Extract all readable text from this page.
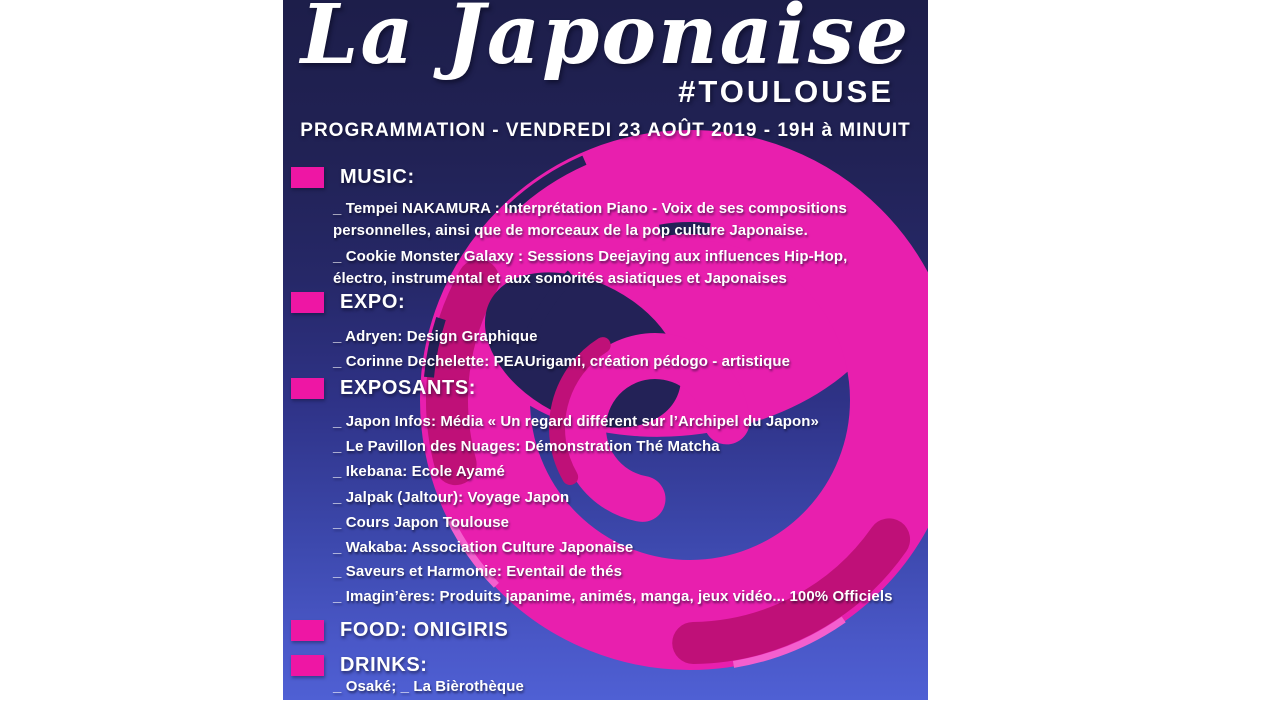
La Japonaise
#TOULOUSE
PROGRAMMATION - VENDREDI 23 AOÛT 2019 - 19H à MINUIT
MUSIC:
_ Tempei NAKAMURA : Interprétation Piano - Voix de ses compositions
personnelles, ainsi que de morceaux de la pop culture Japonaise.
_ Cookie Monster Galaxy : Sessions Deejaying aux influences Hip-Hop,
électro, instrumental et aux sonorités asiatiques et Japonaises
EXPO:
_ Adryen: Design Graphique
_ Corinne Dechelette: PEAUrigami, création pédogo - artistique
EXPOSANTS:
_ Japon Infos: Média « Un regard différent sur l’Archipel du Japon»
_ Le Pavillon des Nuages: Démonstration Thé Matcha
_ Ikebana: Ecole Ayamé
_ Jalpak (Jaltour): Voyage Japon
_ Cours Japon Toulouse
_ Wakaba: Association Culture Japonaise
_ Saveurs et Harmonie: Eventail de thés
_ Imagin’ères: Produits japanime, animés, manga, jeux vidéo... 100% Officiels
FOOD: ONIGIRIS
DRINKS:
_ Osaké; _ La Bièrothèque
